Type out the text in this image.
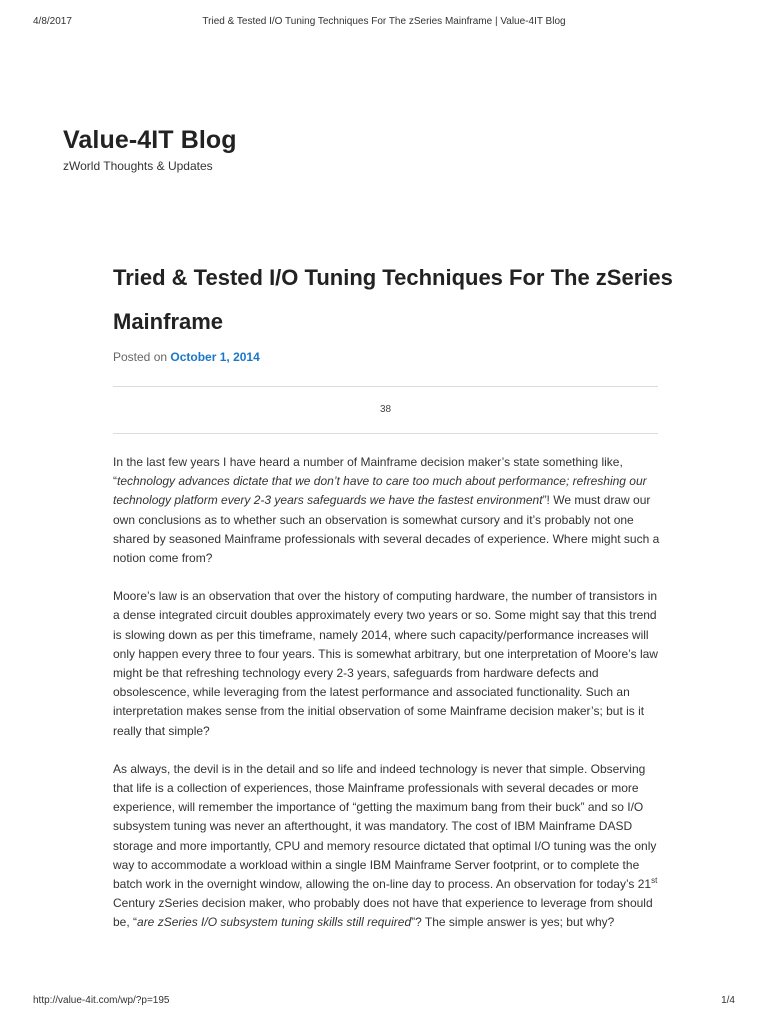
4/8/2017	Tried & Tested I/O Tuning Techniques For The zSeries Mainframe | Value-4IT Blog
Value-4IT Blog
zWorld Thoughts & Updates
Tried & Tested I/O Tuning Techniques For The zSeries Mainframe
Posted on October 1, 2014
38

In the last few years I have heard a number of Mainframe decision maker’s state something like, “technology advances dictate that we don’t have to care too much about performance; refreshing our technology platform every 2-3 years safeguards we have the fastest environment”! We must draw our own conclusions as to whether such an observation is somewhat cursory and it’s probably not one shared by seasoned Mainframe professionals with several decades of experience. Where might such a notion come from?

Moore’s law is an observation that over the history of computing hardware, the number of transistors in a dense integrated circuit doubles approximately every two years or so. Some might say that this trend is slowing down as per this timeframe, namely 2014, where such capacity/performance increases will only happen every three to four years. This is somewhat arbitrary, but one interpretation of Moore’s law might be that refreshing technology every 2-3 years, safeguards from hardware defects and obsolescence, while leveraging from the latest performance and associated functionality. Such an interpretation makes sense from the initial observation of some Mainframe decision maker’s; but is it really that simple?

As always, the devil is in the detail and so life and indeed technology is never that simple. Observing that life is a collection of experiences, those Mainframe professionals with several decades or more experience, will remember the importance of “getting the maximum bang from their buck” and so I/O subsystem tuning was never an afterthought, it was mandatory. The cost of IBM Mainframe DASD storage and more importantly, CPU and memory resource dictated that optimal I/O tuning was the only way to accommodate a workload within a single IBM Mainframe Server footprint, or to complete the batch work in the overnight window, allowing the on-line day to process. An observation for today’s 21st Century zSeries decision maker, who probably does not have that experience to leverage from should be, “are zSeries I/O subsystem tuning skills still required”? The simple answer is yes; but why?

http://value-4it.com/wp/?p=195	1/4
